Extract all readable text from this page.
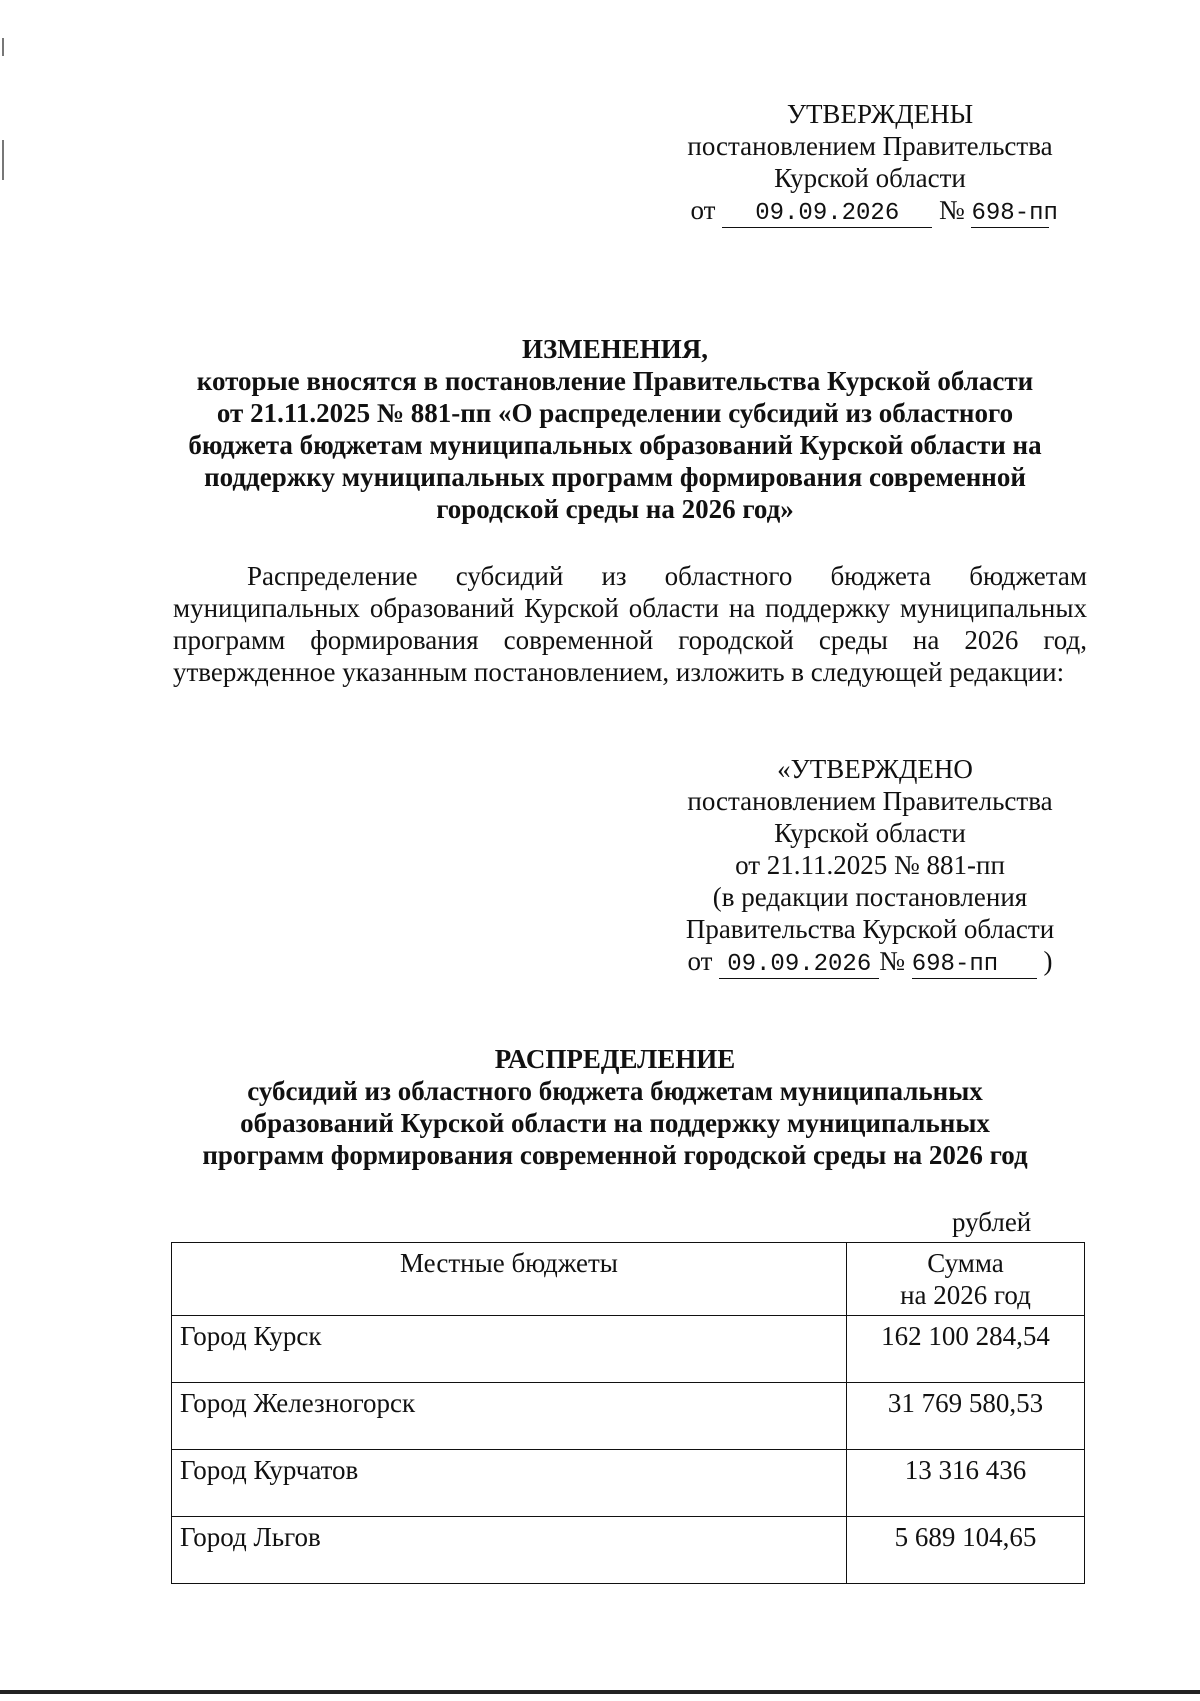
УТВЕРЖДЕНЫ
постановлением Правительства
Курской области
от 09.09.2026 № 698-пп
ИЗМЕНЕНИЯ,
которые вносятся в постановление Правительства Курской области
от 21.11.2025 № 881-пп «О распределении субсидий из областного
бюджета бюджетам муниципальных образований Курской области на
поддержку муниципальных программ формирования современной
городской среды на 2026 год»
Распределение субсидий из областного бюджета бюджетам муниципальных образований Курской области на поддержку муниципальных программ формирования современной городской среды на 2026 год, утвержденное указанным постановлением, изложить в следующей редакции:
«УТВЕРЖДЕНО
постановлением Правительства
Курской области
от 21.11.2025 № 881-пп
(в редакции постановления
Правительства Курской области
от 09.09.2026 № 698-пп )
РАСПРЕДЕЛЕНИЕ
субсидий из областного бюджета бюджетам муниципальных
образований Курской области на поддержку муниципальных
программ формирования современной городской среды на 2026 год
рублей
Местные бюджеты	Сумма
на 2026 год

Город Курск	162 100 284,54
Город Железногорск	31 769 580,53
Город Курчатов	13 316 436
Город Льгов	5 689 104,65
